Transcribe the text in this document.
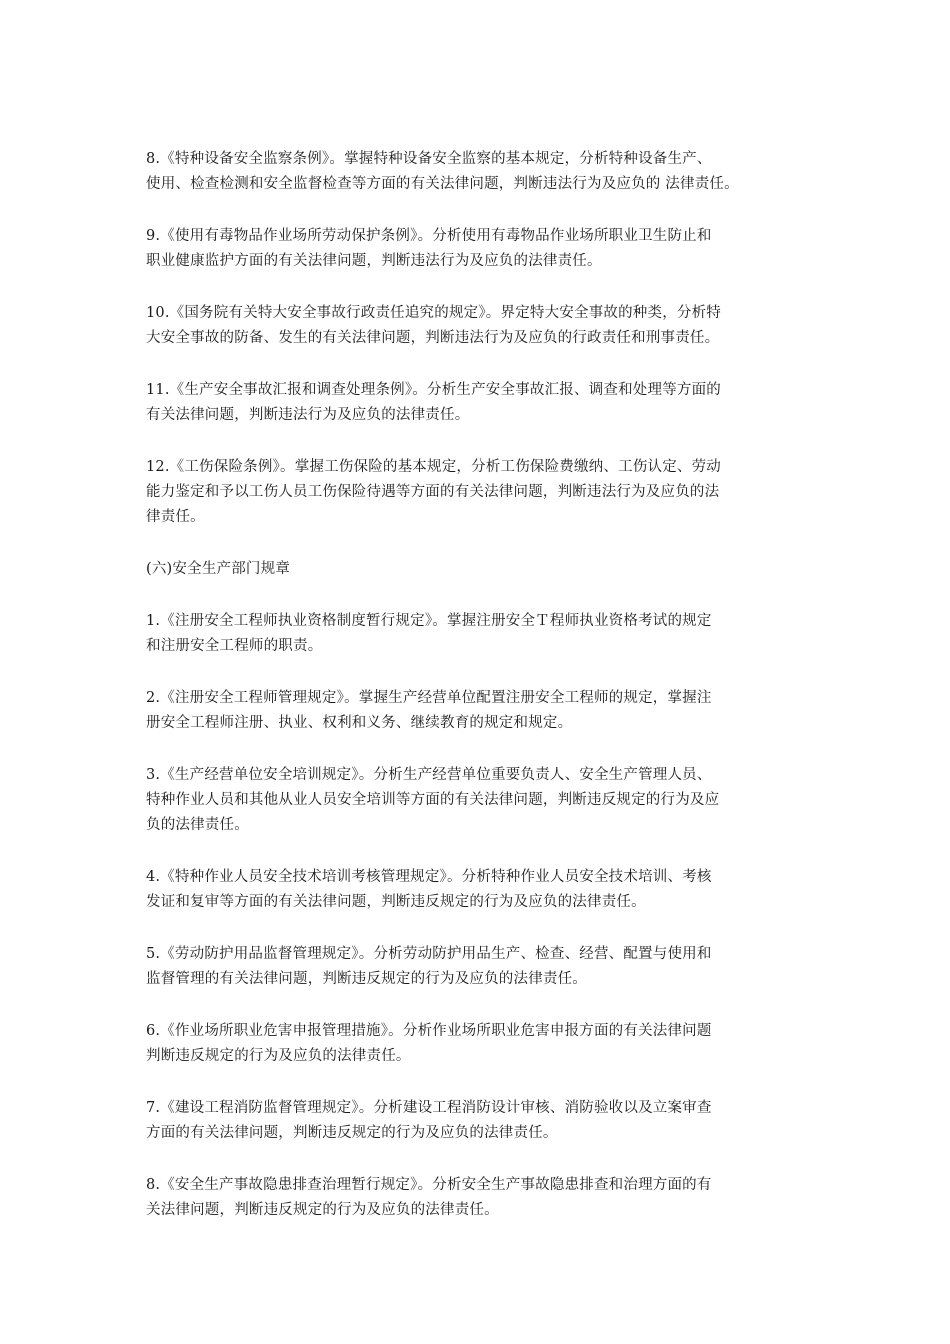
8.《特种设备安全监察条例》。掌握特种设备安全监察的基本规定，分析特种设备生产、
使用、检查检测和安全监督检查等方面的有关法律问题，判断违法行为及应负的 法律责任。

9.《使用有毒物品作业场所劳动保护条例》。分析使用有毒物品作业场所职业卫生防止和
职业健康监护方面的有关法律问题，判断违法行为及应负的法律责任。

10.《国务院有关特大安全事故行政责任追究的规定》。界定特大安全事故的种类，分析特
大安全事故的防备、发生的有关法律问题，判断违法行为及应负的行政责任和刑事责任。

11.《生产安全事故汇报和调查处理条例》。分析生产安全事故汇报、调查和处理等方面的
有关法律问题，判断违法行为及应负的法律责任。

12.《工伤保险条例》。掌握工伤保险的基本规定，分析工伤保险费缴纳、工伤认定、劳动
能力鉴定和予以工伤人员工伤保险待遇等方面的有关法律问题，判断违法行为及应负的法
律责任。

(六)安全生产部门规章

1.《注册安全工程师执业资格制度暂行规定》。掌握注册安全Ｔ程师执业资格考试的规定
和注册安全工程师的职责。

2.《注册安全工程师管理规定》。掌握生产经营单位配置注册安全工程师的规定，掌握注
册安全工程师注册、执业、权利和义务、继续教育的规定和规定。

3.《生产经营单位安全培训规定》。分析生产经营单位重要负责人、安全生产管理人员、
特种作业人员和其他从业人员安全培训等方面的有关法律问题，判断违反规定的行为及应
负的法律责任。

4.《特种作业人员安全技术培训考核管理规定》。分析特种作业人员安全技术培训、考核
发证和复审等方面的有关法律问题，判断违反规定的行为及应负的法律责任。

5.《劳动防护用品监督管理规定》。分析劳动防护用品生产、检查、经营、配置与使用和
监督管理的有关法律问题，判断违反规定的行为及应负的法律责任。

6.《作业场所职业危害申报管理措施》。分析作业场所职业危害申报方面的有关法律问题
判断违反规定的行为及应负的法律责任。

7.《建设工程消防监督管理规定》。分析建设工程消防设计审核、消防验收以及立案审查
方面的有关法律问题，判断违反规定的行为及应负的法律责任。

8.《安全生产事故隐患排查治理暂行规定》。分析安全生产事故隐患排查和治理方面的有
关法律问题，判断违反规定的行为及应负的法律责任。
